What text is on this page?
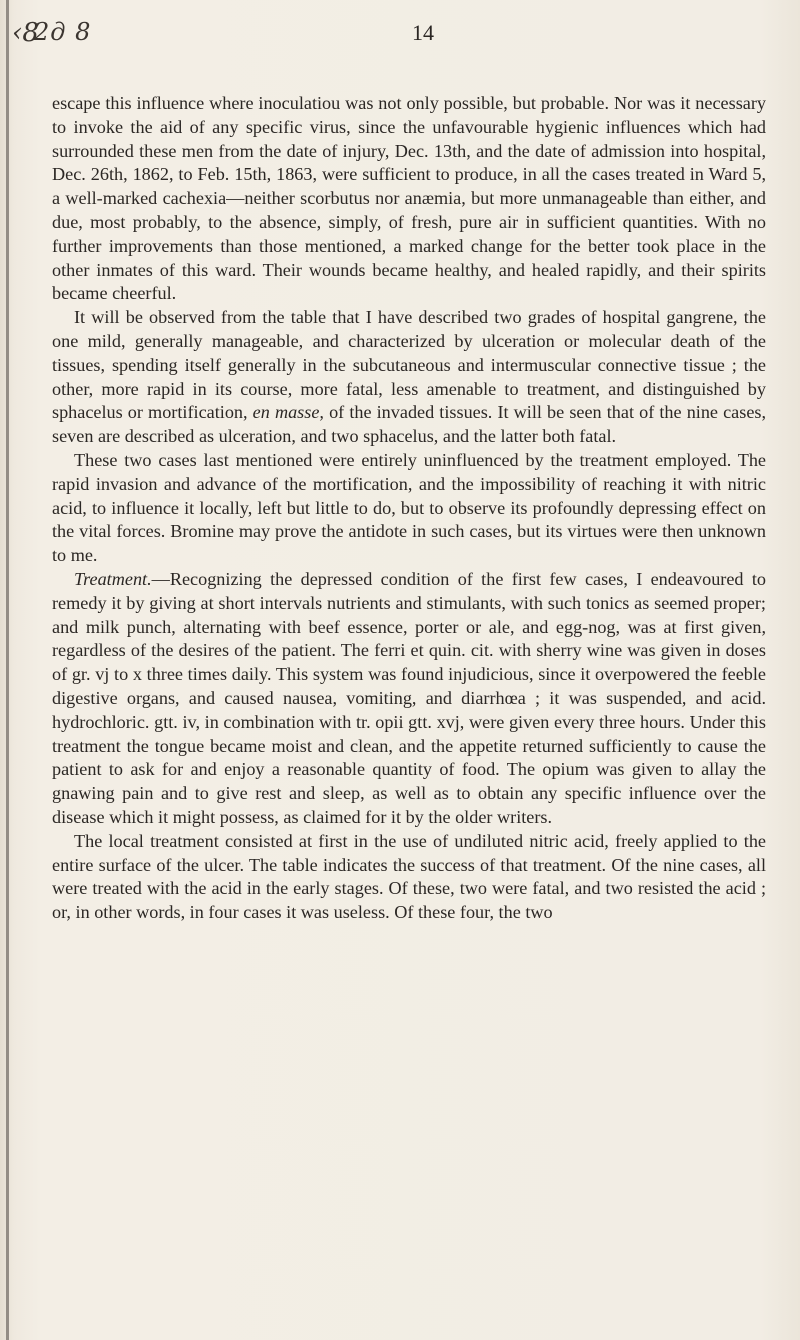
‹8
2д 8	14

escape this influence where inoculatiou was not only possible, but probable. Nor was it necessary to invoke the aid of any specific virus, since the unfavourable hygienic influences which had surrounded these men from the date of injury, Dec. 13th, and the date of admission into hospital, Dec. 26th, 1862, to Feb. 15th, 1863, were sufficient to produce, in all the cases treated in Ward 5, a well-marked cachexia—neither scorbutus nor anæmia, but more unmanageable than either, and due, most probably, to the absence, simply, of fresh, pure air in sufficient quantities. With no further improvements than those mentioned, a marked change for the better took place in the other inmates of this ward. Their wounds became healthy, and healed rapidly, and their spirits became cheerful.

It will be observed from the table that I have described two grades of hospital gangrene, the one mild, generally manageable, and characterized by ulceration or molecular death of the tissues, spending itself generally in the subcutaneous and intermuscular connective tissue ; the other, more rapid in its course, more fatal, less amenable to treatment, and distinguished by sphacelus or mortification, en masse, of the invaded tissues. It will be seen that of the nine cases, seven are described as ulceration, and two sphacelus, and the latter both fatal.

These two cases last mentioned were entirely uninfluenced by the treatment employed. The rapid invasion and advance of the mortification, and the impossibility of reaching it with nitric acid, to influence it locally, left but little to do, but to observe its profoundly depressing effect on the vital forces. Bromine may prove the antidote in such cases, but its virtues were then unknown to me.

Treatment.—Recognizing the depressed condition of the first few cases, I endeavoured to remedy it by giving at short intervals nutrients and stimulants, with such tonics as seemed proper; and milk punch, alternating with beef essence, porter or ale, and egg-nog, was at first given, regardless of the desires of the patient. The ferri et quin. cit. with sherry wine was given in doses of gr. vj to x three times daily. This system was found injudicious, since it overpowered the feeble digestive organs, and caused nausea, vomiting, and diarrhœa ; it was suspended, and acid. hydrochloric. gtt. iv, in combination with tr. opii gtt. xvj, were given every three hours. Under this treatment the tongue became moist and clean, and the appetite returned sufficiently to cause the patient to ask for and enjoy a reasonable quantity of food. The opium was given to allay the gnawing pain and to give rest and sleep, as well as to obtain any specific influence over the disease which it might possess, as claimed for it by the older writers.

The local treatment consisted at first in the use of undiluted nitric acid, freely applied to the entire surface of the ulcer. The table indicates the success of that treatment. Of the nine cases, all were treated with the acid in the early stages. Of these, two were fatal, and two resisted the acid ; or, in other words, in four cases it was useless. Of these four, the two
